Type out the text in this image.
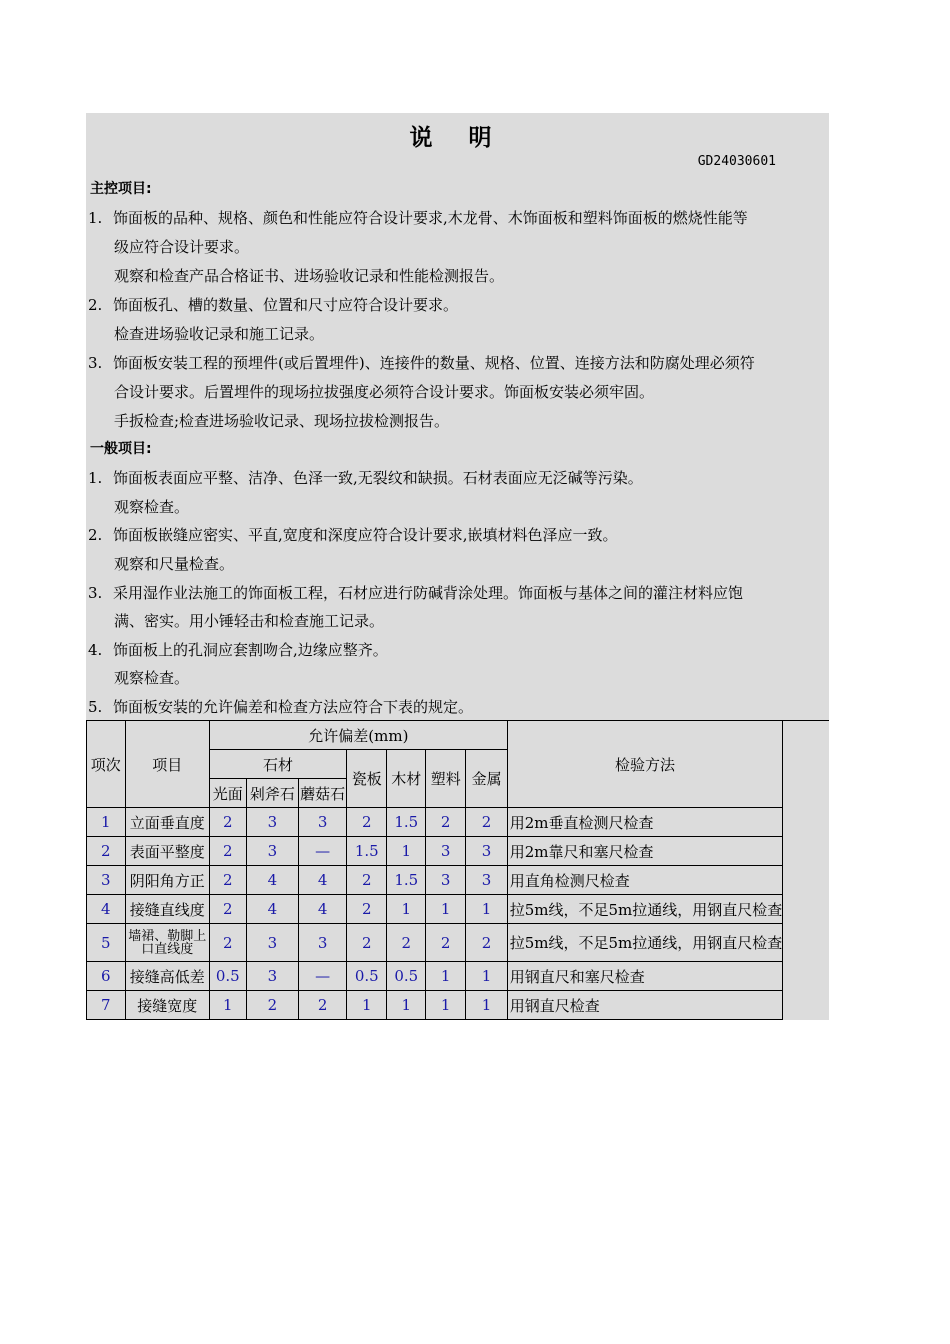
说 明
GD24030601
主控项目:
1. 饰面板的品种、规格、颜色和性能应符合设计要求,木龙骨、木饰面板和塑料饰面板的燃烧性能等
级应符合设计要求。
观察和检查产品合格证书、进场验收记录和性能检测报告。
2. 饰面板孔、槽的数量、位置和尺寸应符合设计要求。
检查进场验收记录和施工记录。
3. 饰面板安装工程的预埋件(或后置埋件)、连接件的数量、规格、位置、连接方法和防腐处理必须符
合设计要求。后置埋件的现场拉拔强度必须符合设计要求。饰面板安装必须牢固。
手扳检查;检查进场验收记录、现场拉拔检测报告。
一般项目:
1. 饰面板表面应平整、洁净、色泽一致,无裂纹和缺损。石材表面应无泛碱等污染。
观察检查。
2. 饰面板嵌缝应密实、平直,宽度和深度应符合设计要求,嵌填材料色泽应一致。
观察和尺量检查。
3. 采用湿作业法施工的饰面板工程，石材应进行防碱背涂处理。饰面板与基体之间的灌注材料应饱
满、密实。用小锤轻击和检查施工记录。
4. 饰面板上的孔洞应套割吻合,边缘应整齐。
观察检查。
5. 饰面板安装的允许偏差和检查方法应符合下表的规定。
项次	项目	允许偏差(mm)							检验方法	
		石材			瓷板	木材	塑料	金属		
		光面	剁斧石	蘑菇石						
1	立面垂直度	2	3	3	2	1.5	2	2	用2m垂直检测尺检查	
2	表面平整度	2	3	—	1.5	1	3	3	用2m靠尺和塞尺检查	
3	阴阳角方正	2	4	4	2	1.5	3	3	用直角检测尺检查	
4	接缝直线度	2	4	4	2	1	1	1	拉5m线，不足5m拉通线，用钢直尺检查	
5	墙裙、勒脚上口直线度	2	3	3	2	2	2	2	拉5m线，不足5m拉通线，用钢直尺检查	
6	接缝高低差	0.5	3	—	0.5	0.5	1	1	用钢直尺和塞尺检查	
7	接缝宽度	1	2	2	1	1	1	1	用钢直尺检查	
